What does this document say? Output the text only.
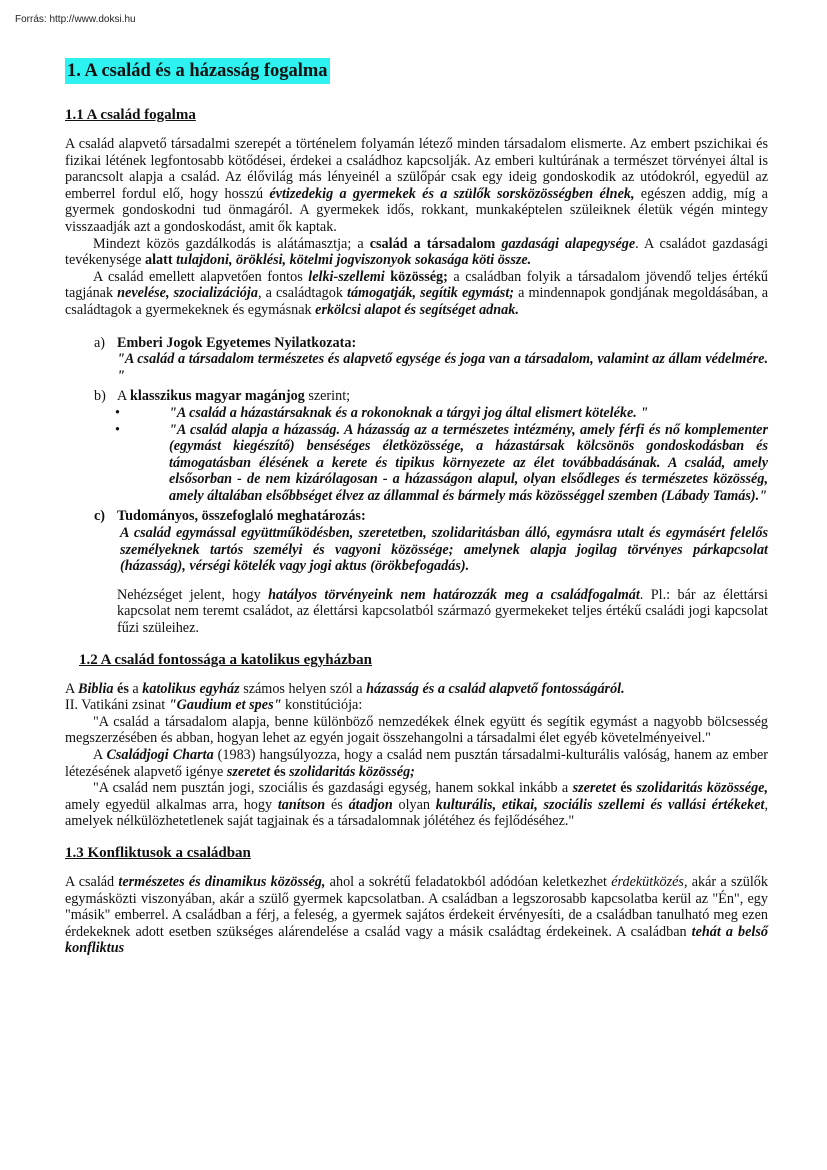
Forrás: http://www.doksi.hu
1. A család és a házasság fogalma
1.1 A család fogalma

A család alapvető társadalmi szerepét a történelem folyamán létező minden társadalom elismerte. Az embert pszichikai és fizikai létének legfontosabb kötődései, érdekei a családhoz kapcsolják. Az emberi kultúrának a természet törvényei által is parancsolt alapja a család. Az élővilág más lényeinél a szülőpár csak egy ideig gondoskodik az utódokról, egyedül az emberrel fordul elő, hogy hosszú évtizedekig a gyermekek és a szülők sorsközösségben élnek, egészen addig, míg a gyermek gondoskodni tud önmagáról. A gyermekek idős, rokkant, munkaképtelen szüleiknek életük végén mintegy visszaadják azt a gondoskodást, amit ők kaptak.

Mindezt közös gazdálkodás is alátámasztja; a család a társadalom gazdasági alapegysége. A családot gazdasági tevékenysége alatt tulajdoni, öröklési, kötelmi jogviszonyok sokasága köti össze.

A család emellett alapvetően fontos lelki-szellemi közösség; a családban folyik a társadalom jövendő teljes értékű tagjának nevelése, szocializációja, a családtagok támogatják, segítik egymást; a mindennapok gondjának megoldásában, a családtagok a gyermekeknek és egymásnak erkölcsi alapot és segítséget adnak.

a) Emberi Jogok Egyetemes Nyilatkozata:
"A család a társadalom természetes és alapvető egysége és joga van a társadalom, valamint az állam védelmére. "
b) A klasszikus magyar magánjog szerint;
•	"A család a házastársaknak és a rokonoknak a tárgyi jog által elismert köteléke. "
•	"A család alapja a házasság. A házasság az a természetes intézmény, amely férfi és nő komplementer (egymást kiegészítő) benséséges életközössége, a házastársak kölcsönös gondoskodásban és támogatásban élésének a kerete és tipikus környezete az élet továbbadásának. A család, amely elsősorban - de nem kizárólagosan - a házasságon alapul, olyan elsődleges és természetes közösség, amely általában elsőbbséget élvez az állammal és bármely más közösséggel szemben (Lábady Tamás)."
c) Tudományos, összefoglaló meghatározás:
A család egymással együttműködésben, szeretetben, szolidaritásban álló, egymásra utalt és egymásért felelős személyeknek tartós személyi és vagyoni közössége; amelynek alapja jogilag törvényes párkapcsolat (házasság), vérségi kötelék vagy jogi aktus (örökbefogadás).

Nehézséget jelent, hogy hatályos törvényeink nem határozzák meg a családfogalmát. Pl.: bár az élettársi kapcsolat nem teremt családot, az élettársi kapcsolatból származó gyermekeket teljes értékű családi jogi kapcsolat fűzi szüleihez.

1.2 A család fontossága a katolikus egyházban

A Biblia és a katolikus egyház számos helyen szól a házasság és a család alapvető fontosságáról.

II. Vatikáni zsinat "Gaudium et spes" konstitúciója:

"A család a társadalom alapja, benne különböző nemzedékek élnek együtt és segítik egymást a nagyobb bölcsesség megszerzésében és abban, hogyan lehet az egyén jogait összehangolni a társadalmi élet egyéb követelményeivel."

A Családjogi Charta (1983) hangsúlyozza, hogy a család nem pusztán társadalmi-kulturális valóság, hanem az ember létezésének alapvető igénye szeretet és szolidaritás közösség;

"A család nem pusztán jogi, szociális és gazdasági egység, hanem sokkal inkább a szeretet és szolidaritás közössége, amely egyedül alkalmas arra, hogy tanítson és átadjon olyan kulturális, etikai, szociális szellemi és vallási értékeket, amelyek nélkülözhetetlenek saját tagjainak és a társadalomnak jólétéhez és fejlődéséhez."

1.3 Konfliktusok a családban

A család természetes és dinamikus közösség, ahol a sokrétű feladatokból adódóan keletkezhet érdekütközés, akár a szülők egymásközti viszonyában, akár a szülő gyermek kapcsolatban. A családban a legszorosabb kapcsolatba kerül az "Én", egy "másik" emberrel. A családban a férj, a feleség, a gyermek sajátos érdekeit érvényesíti, de a családban tanulható meg ezen érdekeknek adott esetben szükséges alárendelése a család vagy a másik családtag érdekeinek. A családban tehát a belső konfliktus
